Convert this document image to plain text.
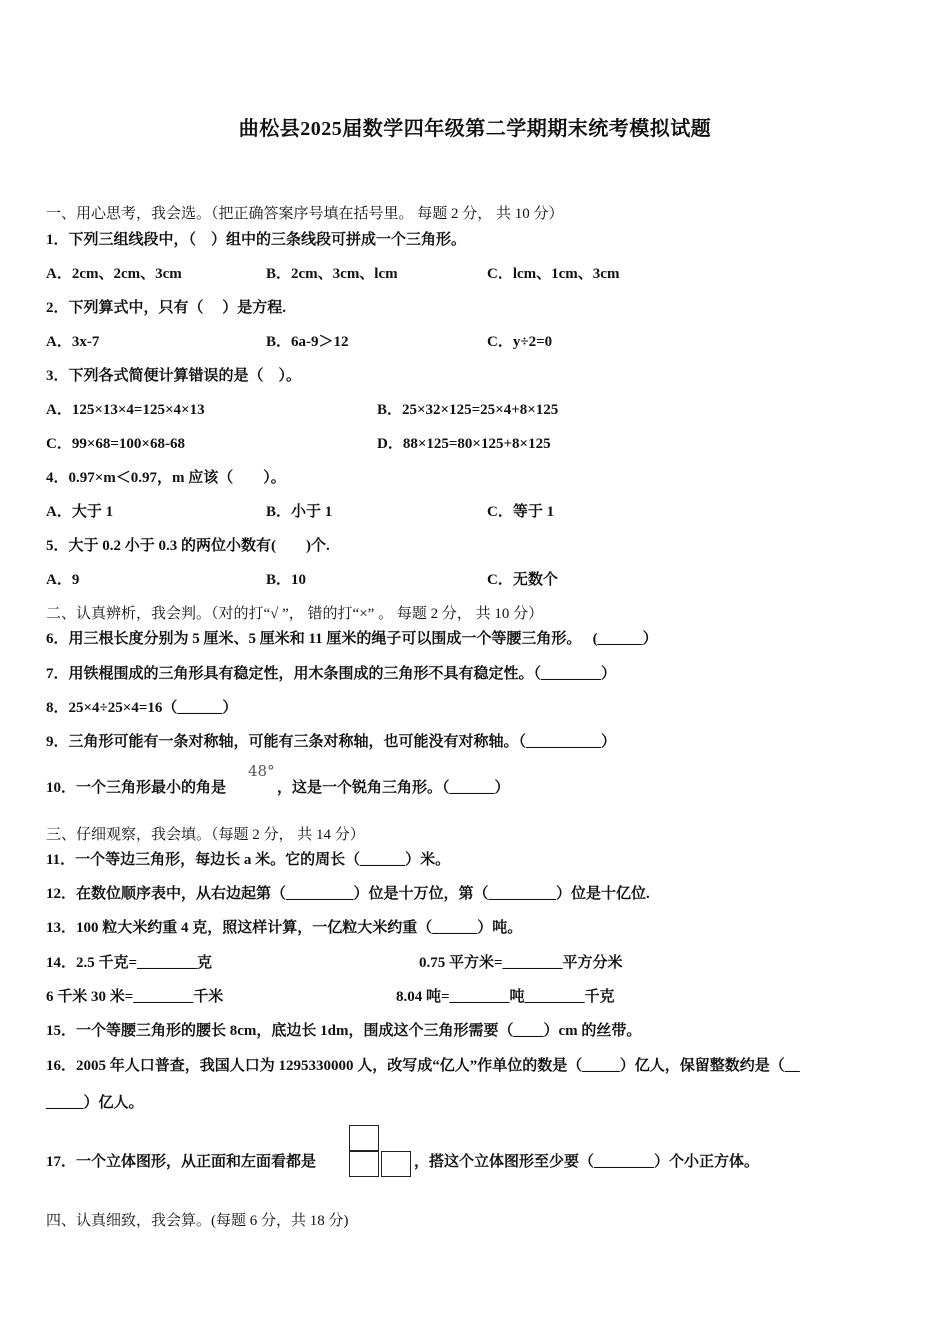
曲松县2025届数学四年级第二学期期末统考模拟试题
一、用心思考，我会选。（把正确答案序号填在括号里。 每题 2 分， 共 10 分）
1．下列三组线段中，（　）组中的三条线段可拼成一个三角形。
A．2cm、2cm、3cm	B．2cm、3cm、lcm	C．lcm、1cm、3cm
2．下列算式中，只有（　 ）是方程.
A．3x-7	B．6a-9＞12	C．y÷2=0
3．下列各式简便计算错误的是（　）。
A．125×13×4=125×4×13	B．25×32×125=25×4+8×125
C．99×68=100×68-68	D．88×125=80×125+8×125
4．0.97×m＜0.97，m 应该（　　）。
A．大于 1	B．小于 1	C．等于 1
5．大于 0.2 小于 0.3 的两位小数有(　　)个.
A．9	B．10	C．无数个
二、认真辨析，我会判。（对的打“√ ”， 错的打“×” 。 每题 2 分， 共 10 分）
6．用三根长度分别为 5 厘米、5 厘米和 11 厘米的绳子可以围成一个等腰三角形。　 (______）
7．用铁棍围成的三角形具有稳定性，用木条围成的三角形不具有稳定性。（________）
8．25×4÷25×4=16（______）
9．三角形可能有一条对称轴，可能有三条对称轴，也可能没有对称轴。（__________）
10．一个三角形最小的角是
48°
，这是一个锐角三角形。（______）
三、仔细观察，我会填。（每题 2 分， 共 14 分）
11．一个等边三角形，每边长 a 米。它的周长（______）米。
12．在数位顺序表中，从右边起第（_________）位是十万位，第（_________）位是十亿位.
13．100 粒大米约重 4 克，照这样计算，一亿粒大米约重（______）吨。
14．2.5 千克=________克	0.75 平方米=________平方分米
6 千米 30 米=________千米	8.04 吨=________吨________千克
15．一个等腰三角形的腰长 8cm，底边长 1dm，围成这个三角形需要（____）cm 的丝带。
16．2005 年人口普查，我国人口为 1295330000 人，改写成“亿人”作单位的数是（_____）亿人，保留整数约是（__
_____）亿人。
17．一个立体图形，从正面和左面看都是	，搭这个立体图形至少要（________）个小正方体。
四、认真细致，我会算。(每题 6 分，共 18 分)
